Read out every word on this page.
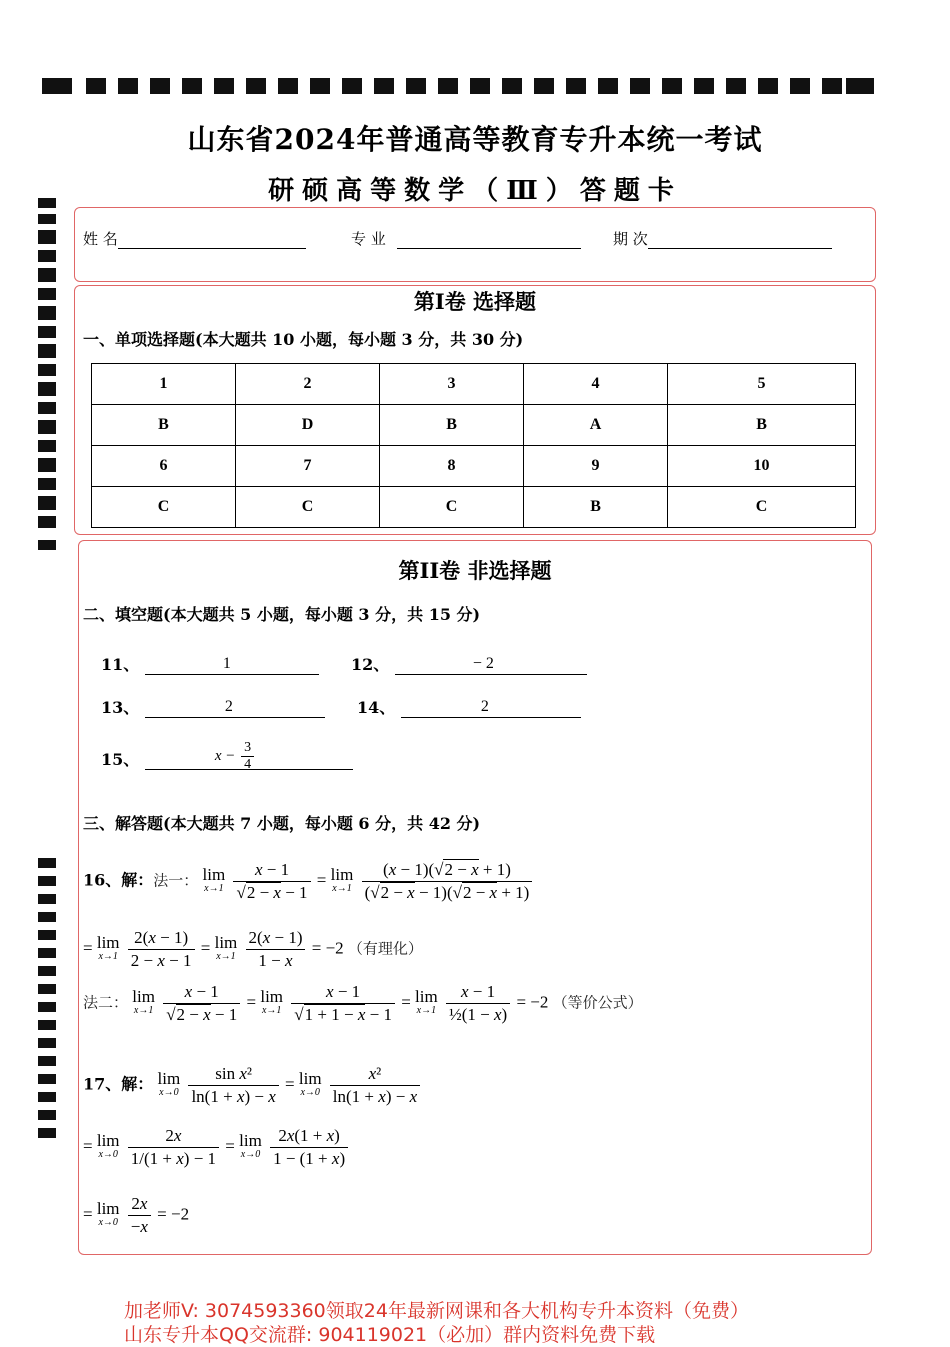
山东省2024年普通高等教育专升本统一考试
研硕高等数学（Ⅲ）答题卡
姓 名	专 业	期 次
第Ⅰ卷 选择题
一、单项选择题(本大题共 10 小题，每小题 3 分，共 30 分)
1	2	3	4	5
B	D	B	A	B
6	7	8	9	10
C	C	C	B	C
第II卷 非选择题
二、填空题(本大题共 5 小题，每小题 3 分，共 15 分)
11、	1	12、	− 2
13、	2	14、	2
15、	$x - \frac{3}{4}$
三、解答题(本大题共 7 小题，每小题 6 分，共 42 分)
16、解：法一： lim
x→1
$\frac{x - 1}{√2 - x - 1} = \lim$
x→1
$\frac{(x - 1)(√2 - x + 1)}{(√2 - x - 1)(√2 - x + 1)}$
= lim
x→1
$\frac{2(x - 1)}{2 - x - 1} = \lim$
x→1
$\frac{2(x - 1)}{1 - x} = -2$ （有理化）
法二： lim
x→1
$\frac{x - 1}{√2 - x - 1} = \lim$
x→1
$\frac{x - 1}{√1 + 1 - x - 1} = \lim$
x→1
$\frac{x - 1}{\text{½(1 − x)}} = -2$ （等价公式）
17、解： lim
x→0
$\frac{\text{sin x²}}{\ln(1 + x) - x} = \lim$
x→0
$\frac{\text{x²}}{\ln(1 + x) - x}$
= lim
x→0
$\frac{2x}{1/(1 + x) - 1} = \lim$
x→0
$\frac{2x(1 + x)}{1 - (1 + x)}$
= lim
x→0
$\frac{2x}{-x} = -2$
加老师V: 3074593360领取24年最新网课和各大机构专升本资料（免费）
山东专升本QQ交流群: 904119021（必加）群内资料免费下载
